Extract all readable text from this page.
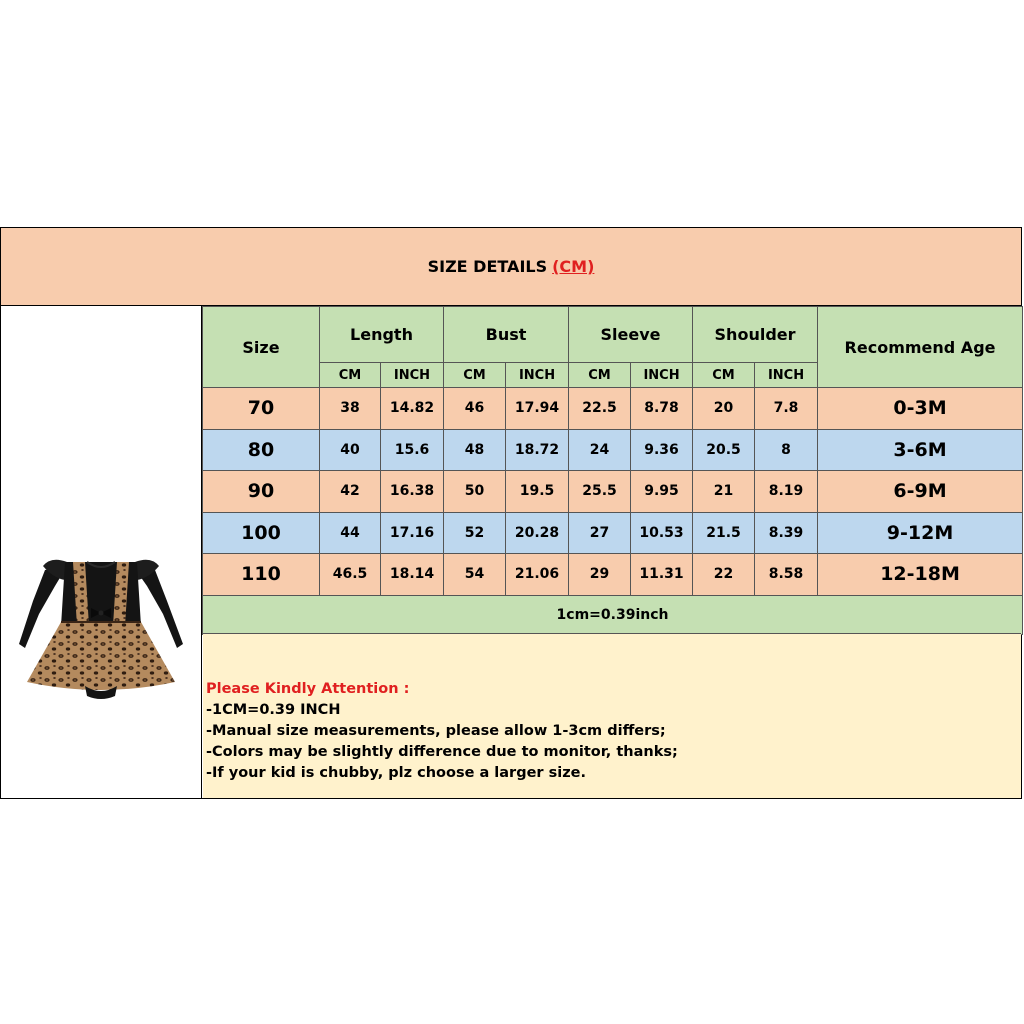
SIZE DETAILS (CM)
Size	Length		Bust		Sleeve		Shoulder		Recommend Age
	CM	INCH	CM	INCH	CM	INCH	CM	INCH	
70	38	14.82	46	17.94	22.5	8.78	20	7.8	0-3M
80	40	15.6	48	18.72	24	9.36	20.5	8	3-6M
90	42	16.38	50	19.5	25.5	9.95	21	8.19	6-9M
100	44	17.16	52	20.28	27	10.53	21.5	8.39	9-12M
110	46.5	18.14	54	21.06	29	11.31	22	8.58	12-18M
1cm=0.39inch									
Please Kindly Attention :
-1CM=0.39 INCH
-Manual size measurements, please allow 1-3cm differs;
-Colors may be slightly difference due to monitor, thanks;
-If your kid is chubby, plz choose a larger size.
